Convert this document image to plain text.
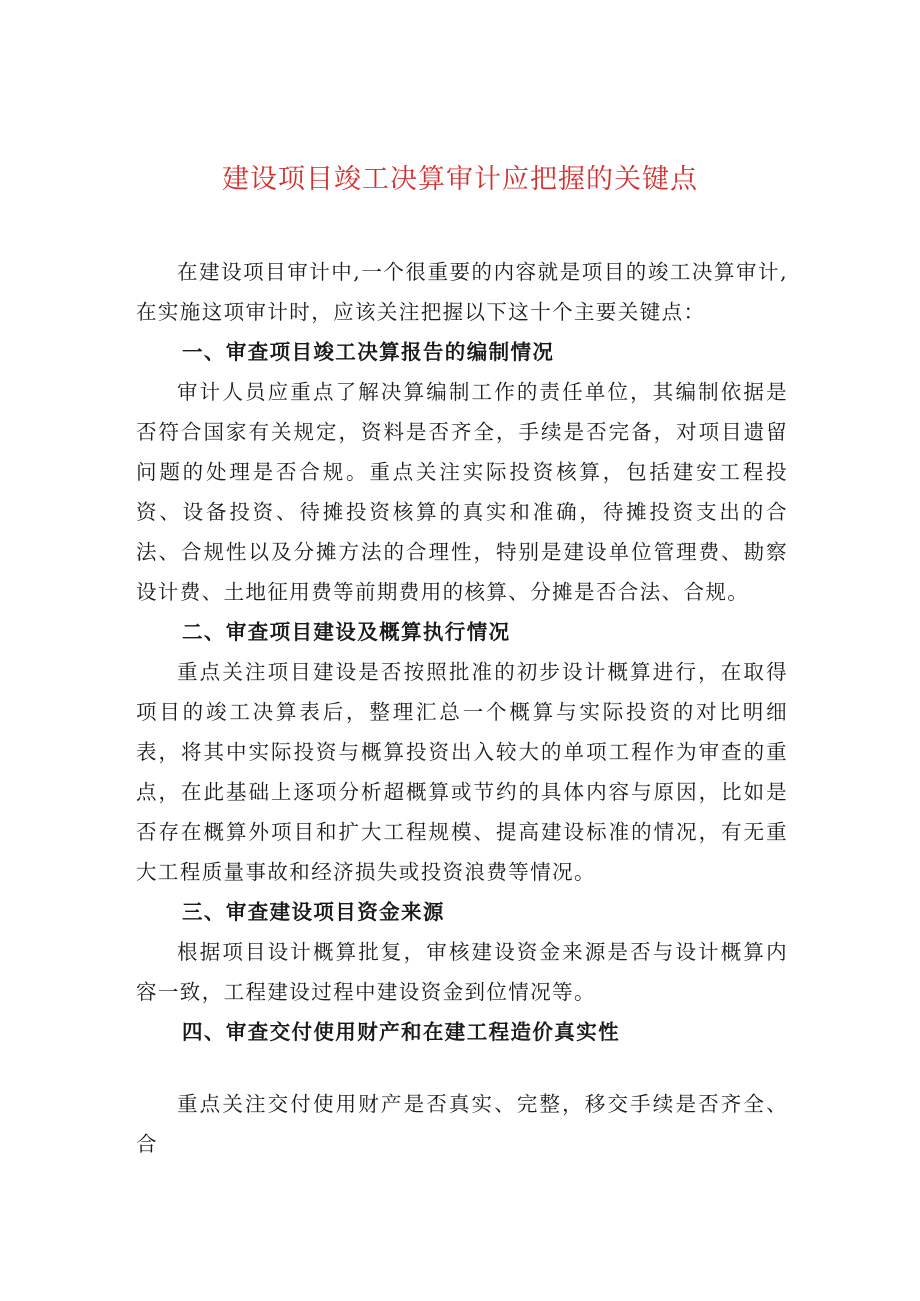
建设项目竣工决算审计应把握的关键点

在建设项目审计中,一个很重要的内容就是项目的竣工决算审计,在实施这项审计时，应该关注把握以下这十个主要关键点：

一、审查项目竣工决算报告的编制情况

审计人员应重点了解决算编制工作的责任单位，其编制依据是否符合国家有关规定，资料是否齐全，手续是否完备，对项目遗留问题的处理是否合规。重点关注实际投资核算，包括建安工程投资、设备投资、待摊投资核算的真实和准确，待摊投资支出的合法、合规性以及分摊方法的合理性，特别是建设单位管理费、勘察设计费、土地征用费等前期费用的核算、分摊是否合法、合规。

二、审查项目建设及概算执行情况

重点关注项目建设是否按照批准的初步设计概算进行，在取得项目的竣工决算表后，整理汇总一个概算与实际投资的对比明细表，将其中实际投资与概算投资出入较大的单项工程作为审查的重点，在此基础上逐项分析超概算或节约的具体内容与原因，比如是否存在概算外项目和扩大工程规模、提高建设标准的情况，有无重大工程质量事故和经济损失或投资浪费等情况。

三、审查建设项目资金来源

根据项目设计概算批复，审核建设资金来源是否与设计概算内容一致，工程建设过程中建设资金到位情况等。

四、审查交付使用财产和在建工程造价真实性

重点关注交付使用财产是否真实、完整，移交手续是否齐全、合
